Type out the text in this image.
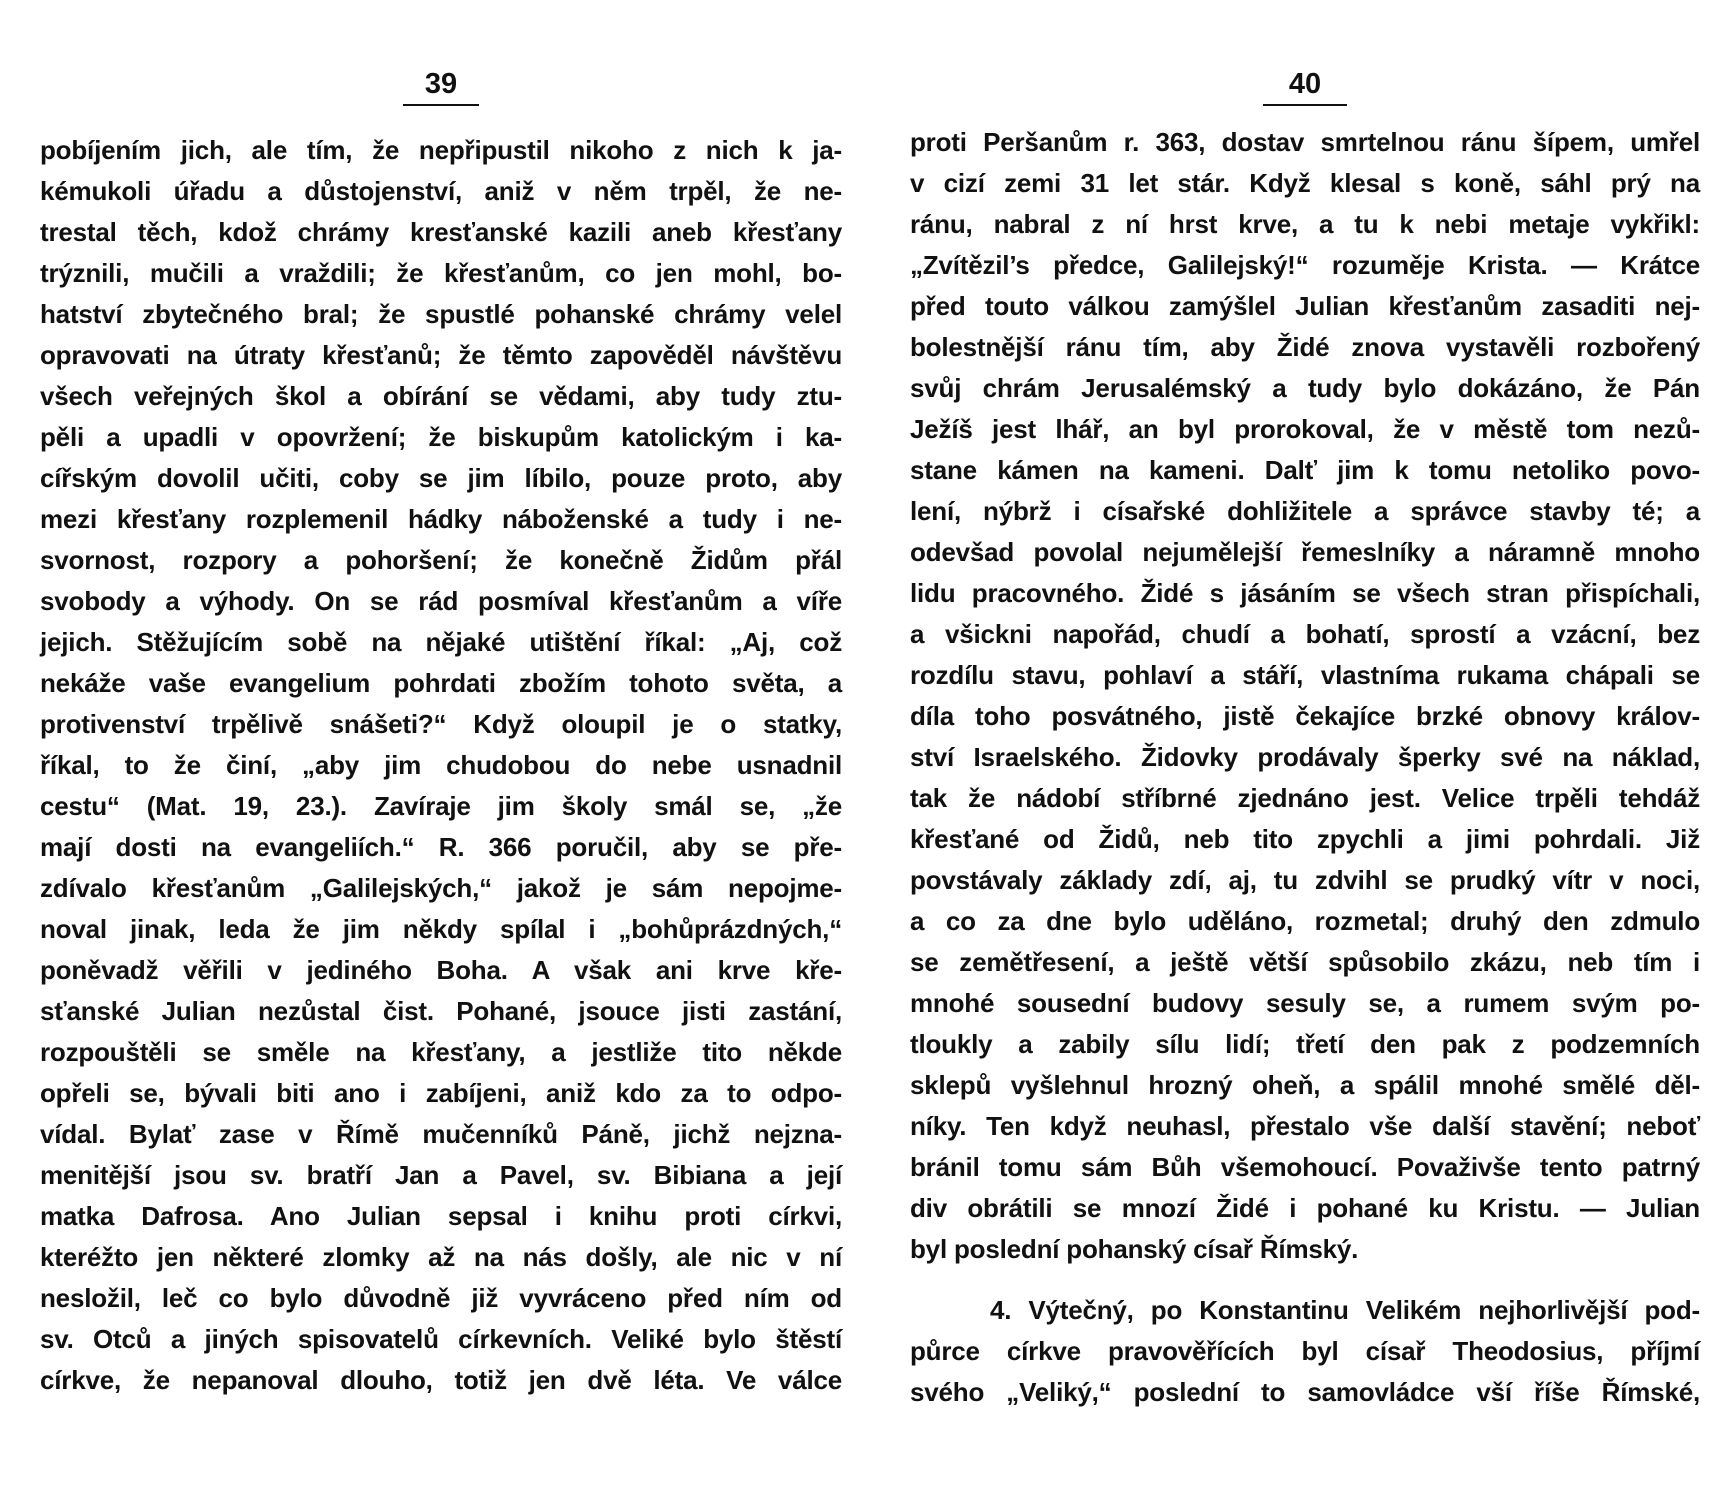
39
pobíjením jich, ale tím, že nepřipustil nikoho z nich k ja-
kémukoli úřadu a důstojenství, aniž v něm trpěl, že ne-
trestal těch, kdož chrámy kresťanské kazili aneb křesťany
trýznili, mučili a vraždili; že křesťanům, co jen mohl, bo-
hatství zbytečného bral; že spustlé pohanské chrámy velel
opravovati na útraty křesťanů; že těmto zapověděl návštěvu
všech veřejných škol a obírání se vědami, aby tudy ztu-
pěli a upadli v opovržení; že biskupům katolickým i ka-
cířským dovolil učiti, coby se jim líbilo, pouze proto, aby
mezi křesťany rozplemenil hádky náboženské a tudy i ne-
svornost, rozpory a pohoršení; že konečně Židům přál
svobody a výhody. On se rád posmíval křesťanům a víře
jejich. Stěžujícím sobě na nějaké utištění říkal: „Aj, což
nekáže vaše evangelium pohrdati zbožím tohoto světa, a
protivenství trpělivě snášeti?“ Když oloupil je o statky,
říkal, to že činí, „aby jim chudobou do nebe usnadnil
cestu“ (Mat. 19, 23.). Zavíraje jim školy smál se, „že
mají dosti na evangeliích.“ R. 366 poručil, aby se pře-
zdívalo křesťanům „Galilejských,“ jakož je sám nepojme-
noval jinak, leda že jim někdy spílal i „bohůprázdných,“
poněvadž věřili v jediného Boha. A však ani krve kře-
sťanské Julian nezůstal čist. Pohané, jsouce jisti zastání,
rozpouštěli se směle na křesťany, a jestliže tito někde
opřeli se, bývali biti ano i zabíjeni, aniž kdo za to odpo-
vídal. Bylať zase v Římě mučenníků Páně, jichž nejzna-
menitější jsou sv. bratří Jan a Pavel, sv. Bibiana a její
matka Dafrosa. Ano Julian sepsal i knihu proti církvi,
kteréžto jen některé zlomky až na nás došly, ale nic v ní
nesložil, leč co bylo důvodně již vyvráceno před ním od
sv. Otců a jiných spisovatelů církevních. Veliké bylo štěstí
církve, že nepanoval dlouho, totiž jen dvě léta. Ve válce
40
proti Peršanům r. 363, dostav smrtelnou ránu šípem, umřel
v cizí zemi 31 let stár. Když klesal s koně, sáhl prý na
ránu, nabral z ní hrst krve, a tu k nebi metaje vykřikl:
„Zvítězil’s předce, Galilejský!“ rozuměje Krista. — Krátce
před touto válkou zamýšlel Julian křesťanům zasaditi nej-
bolestnější ránu tím, aby Židé znova vystavěli rozbořený
svůj chrám Jerusalémský a tudy bylo dokázáno, že Pán
Ježíš jest lhář, an byl prorokoval, že v městě tom nezů-
stane kámen na kameni. Dalť jim k tomu netoliko povo-
lení, nýbrž i císařské dohližitele a správce stavby té; a
odevšad povolal nejumělejší řemeslníky a náramně mnoho
lidu pracovného. Židé s jásáním se všech stran přispíchali,
a všickni napořád, chudí a bohatí, sprostí a vzácní, bez
rozdílu stavu, pohlaví a stáří, vlastníma rukama chápali se
díla toho posvátného, jistě čekajíce brzké obnovy králov-
ství Israelského. Židovky prodávaly šperky své na náklad,
tak že nádobí stříbrné zjednáno jest. Velice trpěli tehdáž
křesťané od Židů, neb tito zpychli a jimi pohrdali. Již
povstávaly základy zdí, aj, tu zdvihl se prudký vítr v noci,
a co za dne bylo uděláno, rozmetal; druhý den zdmulo
se zemětřesení, a ještě větší spůsobilo zkázu, neb tím i
mnohé sousední budovy sesuly se, a rumem svým po-
tloukly a zabily sílu lidí; třetí den pak z podzemních
sklepů vyšlehnul hrozný oheň, a spálil mnohé smělé děl-
níky. Ten když neuhasl, přestalo vše další stavění; neboť
bránil tomu sám Bůh všemohoucí. Považivše tento patrný
div obrátili se mnozí Židé i pohané ku Kristu. — Julian
byl poslední pohanský císař Římský.
4. Výtečný, po Konstantinu Velikém nejhorlivější pod-
půrce církve pravověřících byl císař Theodosius, příjmí
svého „Veliký,“ poslední to samovládce vší říše Římské,
